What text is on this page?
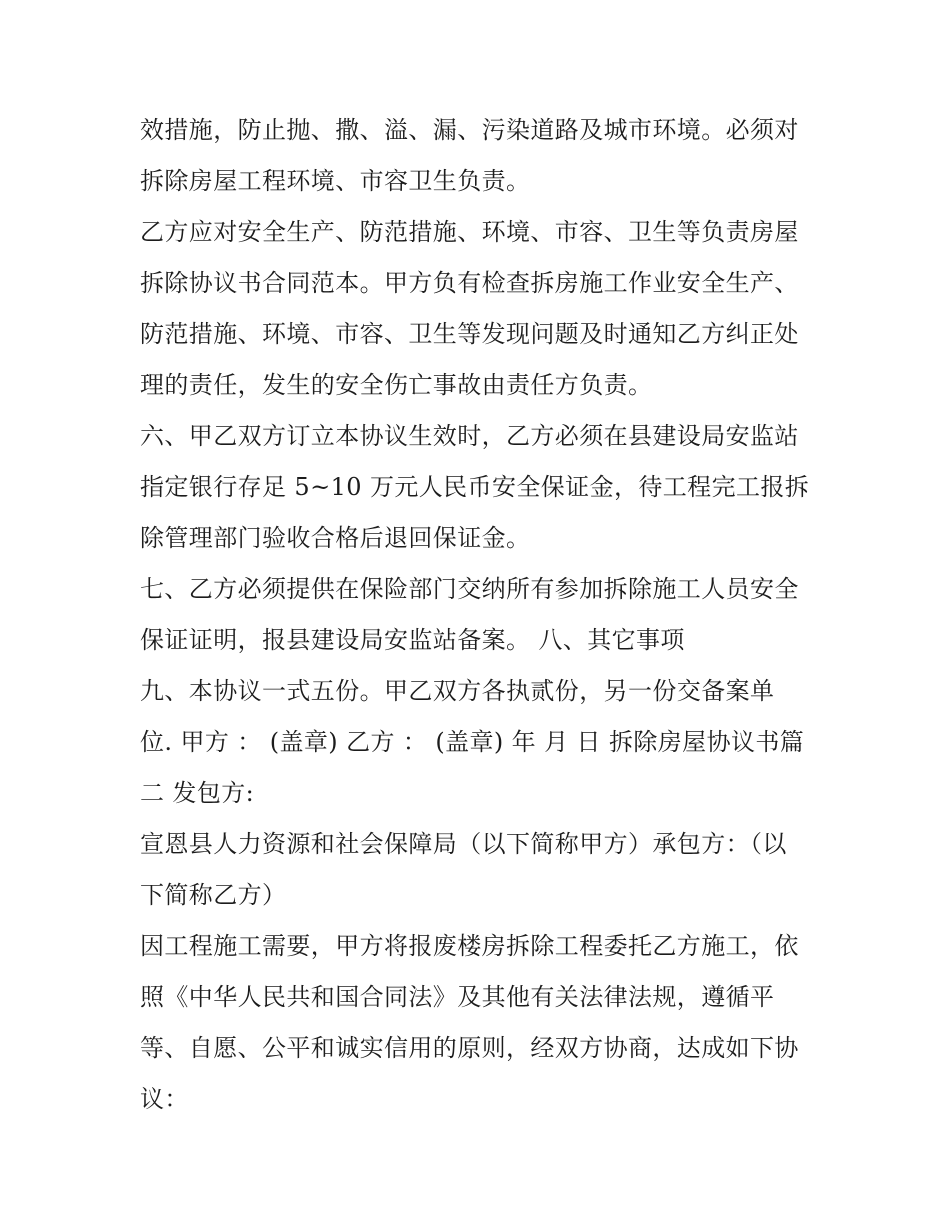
效措施，防止抛、撒、溢、漏、污染道路及城市环境。必须对
拆除房屋工程环境、市容卫生负责。
乙方应对安全生产、防范措施、环境、市容、卫生等负责房屋
拆除协议书合同范本。甲方负有检查拆房施工作业安全生产、
防范措施、环境、市容、卫生等发现问题及时通知乙方纠正处
理的责任，发生的安全伤亡事故由责任方负责。
六、甲乙双方订立本协议生效时，乙方必须在县建设局安监站
指定银行存足 5~10 万元人民币安全保证金，待工程完工报拆
除管理部门验收合格后退回保证金。
七、乙方必须提供在保险部门交纳所有参加拆除施工人员安全
保证证明，报县建设局安监站备案。 八、其它事项
九、本协议一式五份。甲乙双方各执贰份，另一份交备案单
位. 甲方 ： (盖章) 乙方 ： (盖章) 年 月 日 拆除房屋协议书篇
二 发包方:
宣恩县人力资源和社会保障局（以下简称甲方）承包方：（以
下简称乙方）
因工程施工需要，甲方将报废楼房拆除工程委托乙方施工，依
照《中华人民共和国合同法》及其他有关法律法规，遵循平
等、自愿、公平和诚实信用的原则，经双方协商，达成如下协
议：
